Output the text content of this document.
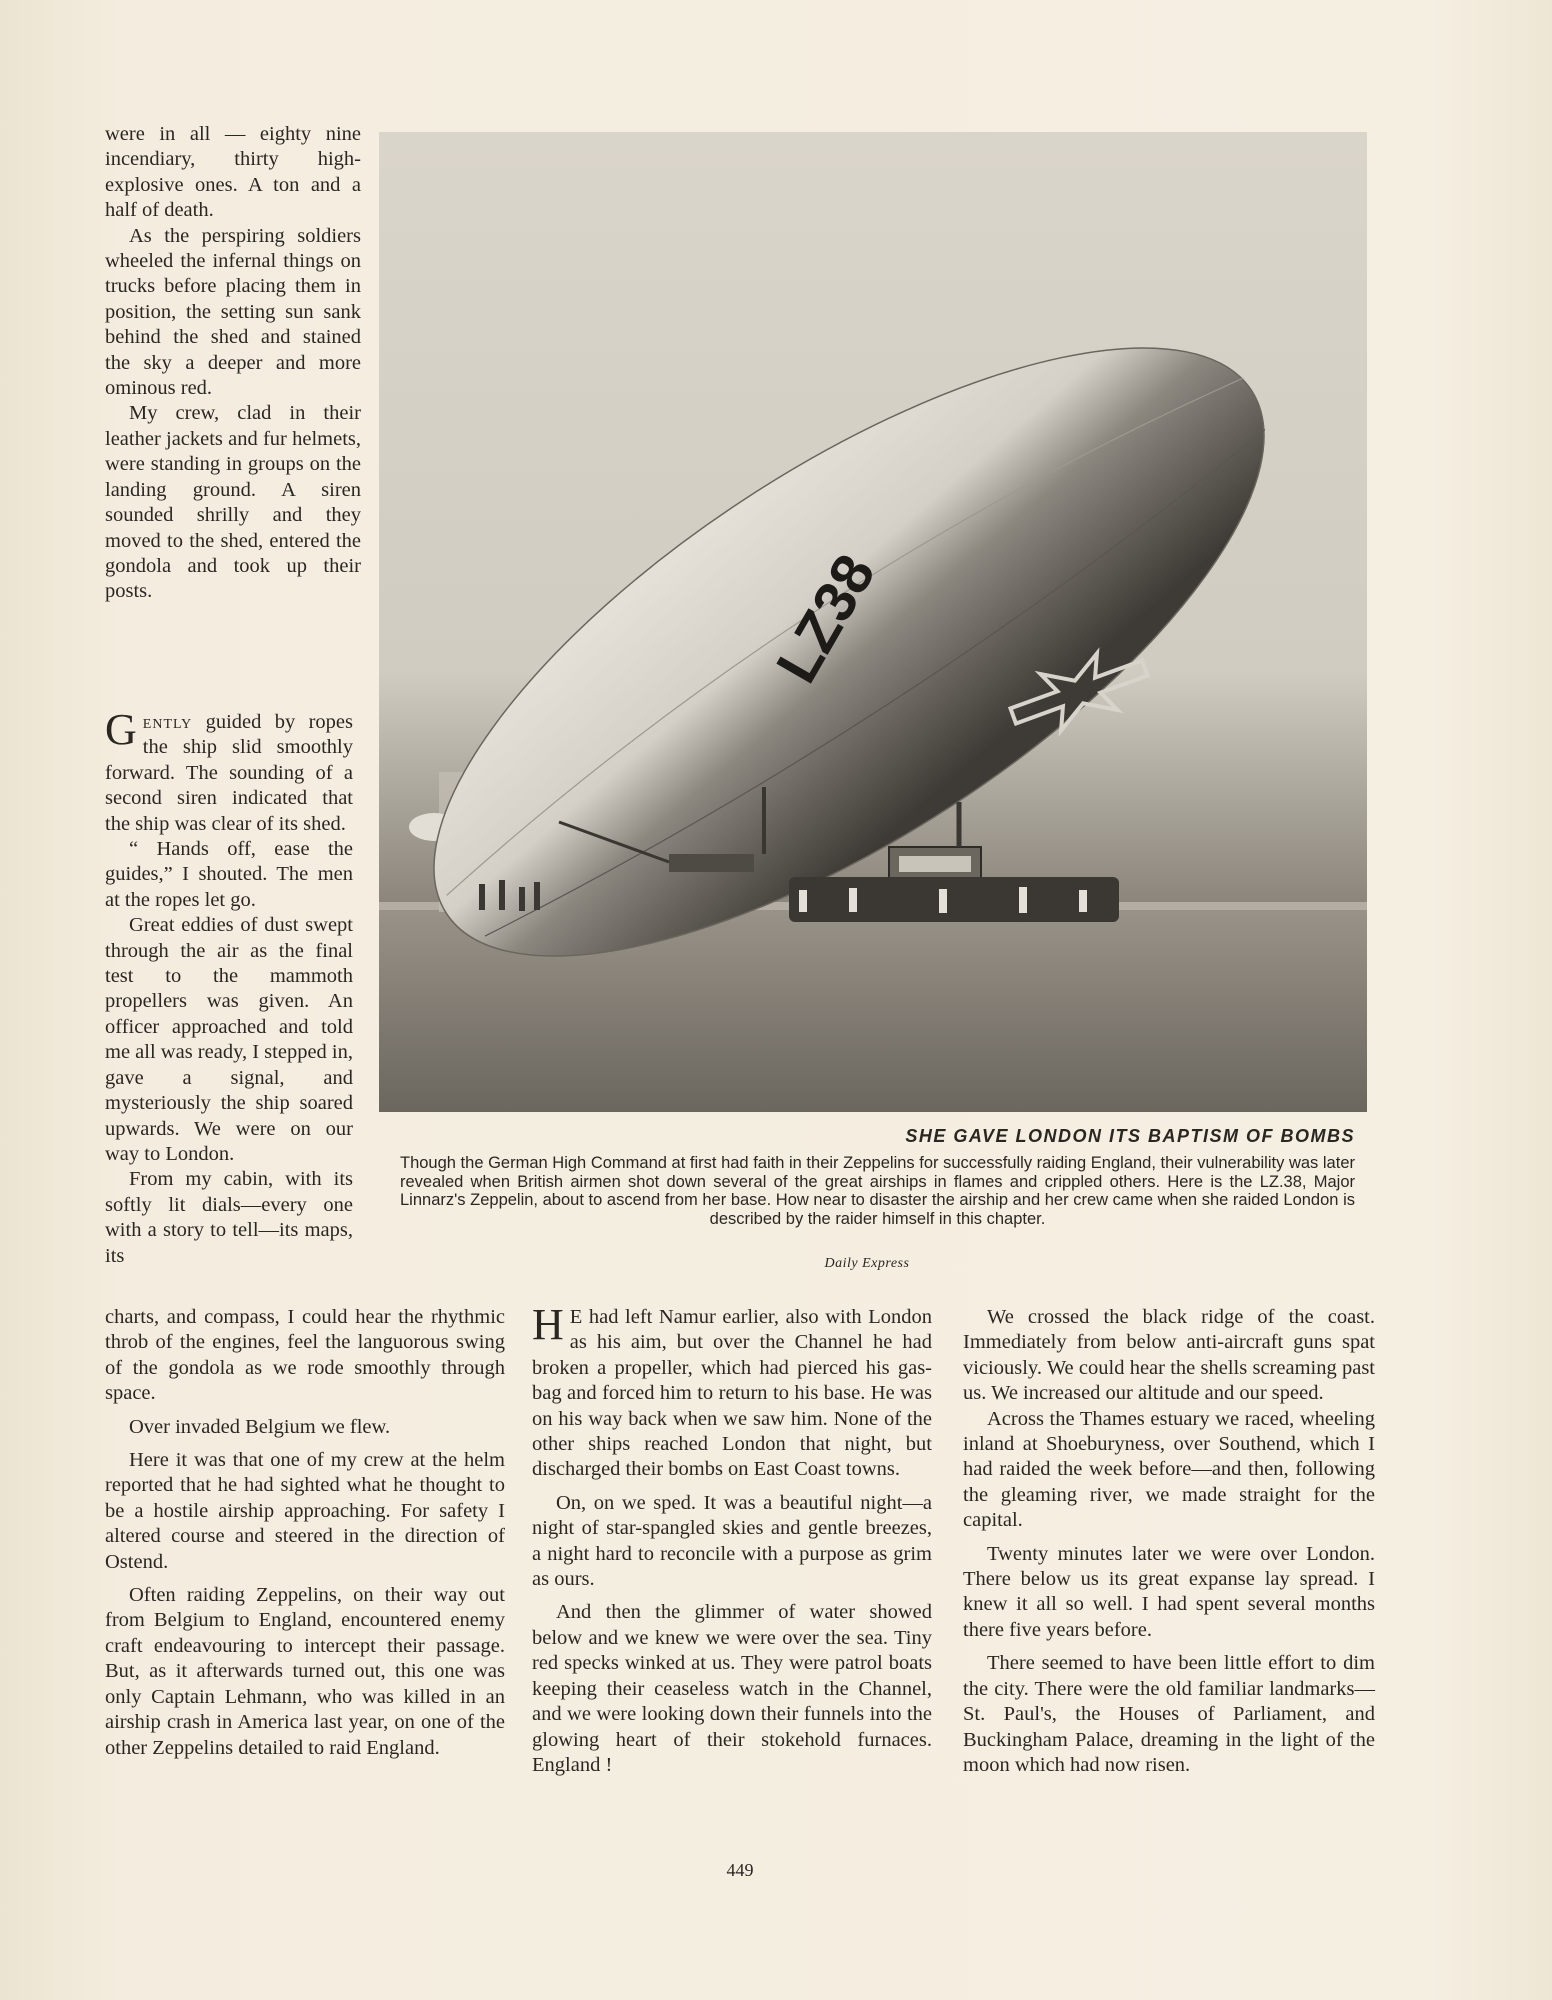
were in all — eighty nine incendiary, thirty high-explosive ones. A ton and a half of death.

As the perspiring soldiers wheeled the infernal things on trucks before placing them in position, the setting sun sank behind the shed and stained the sky a deeper and more ominous red.

My crew, clad in their leather jackets and fur helmets, were standing in groups on the landing ground. A siren sounded shrilly and they moved to the shed, entered the gondola and took up their posts.

Gently guided by ropes the ship slid smoothly forward. The sounding of a second siren indicated that the ship was clear of its shed.

“ Hands off, ease the guides,” I shouted. The men at the ropes let go.

Great eddies of dust swept through the air as the final test to the mammoth propellers was given. An officer approached and told me all was ready, I stepped in, gave a signal, and mysteriously the ship soared upwards. We were on our way to London.

From my cabin, with its softly lit dials—every one with a story to tell—its maps, its

charts, and compass, I could hear the rhythmic throb of the engines, feel the languorous swing of the gondola as we rode smoothly through space.

Over invaded Belgium we flew.

Here it was that one of my crew at the helm reported that he had sighted what he thought to be a hostile airship approaching. For safety I altered course and steered in the direction of Ostend.

Often raiding Zeppelins, on their way out from Belgium to England, encountered enemy craft endeavouring to intercept their passage. But, as it afterwards turned out, this one was only Captain Lehmann, who was killed in an airship crash in America last year, on one of the other Zeppelins detailed to raid England.

LZ38
SHE GAVE LONDON ITS BAPTISM OF BOMBS
Though the German High Command at first had faith in their Zeppelins for successfully raiding England, their vulnerability was later revealed when British airmen shot down several of the great airships in flames and crippled others. Here is the LZ.38, Major Linnarz's Zeppelin, about to ascend from her base. How near to disaster the airship and her crew came when she raided London is described by the raider himself in this chapter.
Daily Express

H E had left Namur earlier, also with London as his aim, but over the Channel he had broken a propeller, which had pierced his gas-bag and forced him to return to his base. He was on his way back when we saw him. None of the other ships reached London that night, but discharged their bombs on East Coast towns.

On, on we sped. It was a beautiful night—a night of star-spangled skies and gentle breezes, a night hard to reconcile with a purpose as grim as ours.

And then the glimmer of water showed below and we knew we were over the sea. Tiny red specks winked at us. They were patrol boats keeping their ceaseless watch in the Channel, and we were looking down their funnels into the glowing heart of their stokehold furnaces. England !

We crossed the black ridge of the coast. Immediately from below anti-aircraft guns spat viciously. We could hear the shells screaming past us. We increased our altitude and our speed.

Across the Thames estuary we raced, wheeling inland at Shoeburyness, over Southend, which I had raided the week before—and then, following the gleaming river, we made straight for the capital.

Twenty minutes later we were over London. There below us its great expanse lay spread. I knew it all so well. I had spent several months there five years before.

There seemed to have been little effort to dim the city. There were the old familiar landmarks—St. Paul's, the Houses of Parliament, and Buckingham Palace, dreaming in the light of the moon which had now risen.

449
